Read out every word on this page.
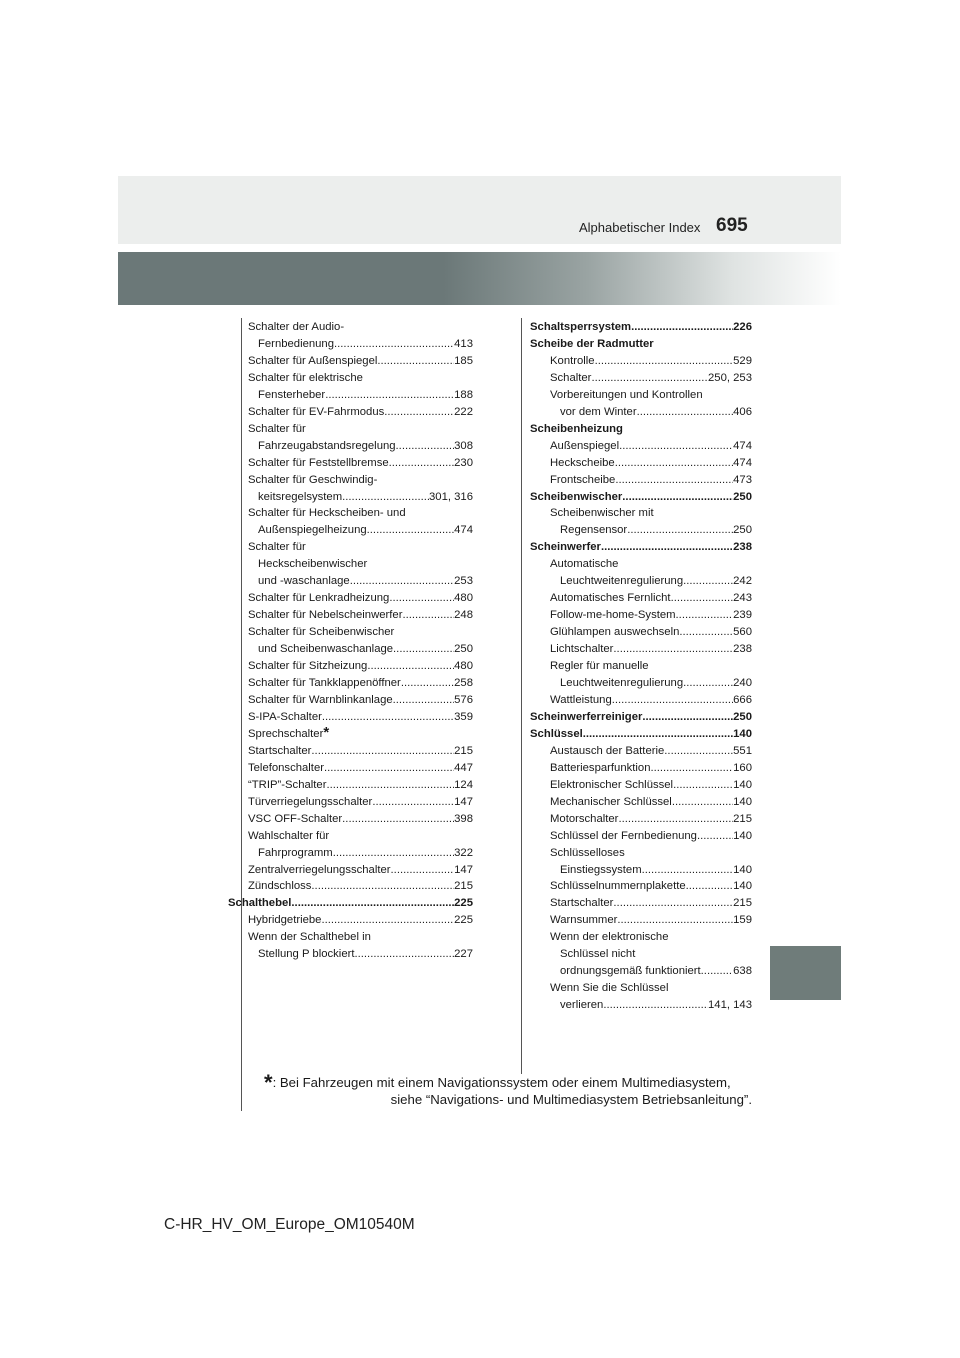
Alphabetischer Index 695
Schalter der Audio-
Fernbedienung .....	413
Schalter für Außenspiegel .....	185
Schalter für elektrische
Fensterheber .....	188
Schalter für EV-Fahrmodus .....	222
Schalter für
Fahrzeugabstandsregelung .....	308
Schalter für Feststellbremse .....	230
Schalter für Geschwindig-
keitsregelsystem .....	301, 316
Schalter für Heckscheiben- und
Außenspiegelheizung .....	474
Schalter für
Heckscheibenwischer
und -waschanlage .....	253
Schalter für Lenkradheizung .....	480
Schalter für Nebelscheinwerfer .....	248
Schalter für Scheibenwischer
und Scheibenwaschanlage .....	250
Schalter für Sitzheizung .....	480
Schalter für Tankklappenöffner .....	258
Schalter für Warnblinkanlage .....	576
S-IPA-Schalter .....	359
Sprechschalter *
Startschalter .....	215
Telefonschalter .....	447
“TRIP”-Schalter .....	124
Türverriegelungsschalter .....	147
VSC OFF-Schalter .....	398
Wahlschalter für
Fahrprogramm .....	322
Zentralverriegelungsschalter .....	147
Zündschloss .....	215
Schalthebel .....	225
Hybridgetriebe .....	225
Wenn der Schalthebel in
Stellung P blockiert .....	227
Schaltsperrsystem .....	226
Scheibe der Radmutter
Kontrolle .....	529
Schalter .....	250, 253
Vorbereitungen und Kontrollen
vor dem Winter .....	406
Scheibenheizung
Außenspiegel .....	474
Heckscheibe .....	474
Frontscheibe .....	473
Scheibenwischer .....	250
Scheibenwischer mit
Regensensor .....	250
Scheinwerfer .....	238
Automatische
Leuchtweitenregulierung .....	242
Automatisches Fernlicht .....	243
Follow-me-home-System .....	239
Glühlampen auswechseln .....	560
Lichtschalter .....	238
Regler für manuelle
Leuchtweitenregulierung .....	240
Wattleistung .....	666
Scheinwerferreiniger .....	250
Schlüssel .....	140
Austausch der Batterie .....	551
Batteriesparfunktion .....	160
Elektronischer Schlüssel .....	140
Mechanischer Schlüssel .....	140
Motorschalter .....	215
Schlüssel der Fernbedienung .....	140
Schlüsselloses
Einstiegssystem .....	140
Schlüsselnummernplakette .....	140
Startschalter .....	215
Warnsummer .....	159
Wenn der elektronische
Schlüssel nicht
ordnungsgemäß funktioniert .....	638
Wenn Sie die Schlüssel
verlieren .....	141, 143
*: Bei Fahrzeugen mit einem Navigationssystem oder einem Multimediasystem,
siehe “Navigations- und Multimediasystem Betriebsanleitung”.
C-HR_HV_OM_Europe_OM10540M
